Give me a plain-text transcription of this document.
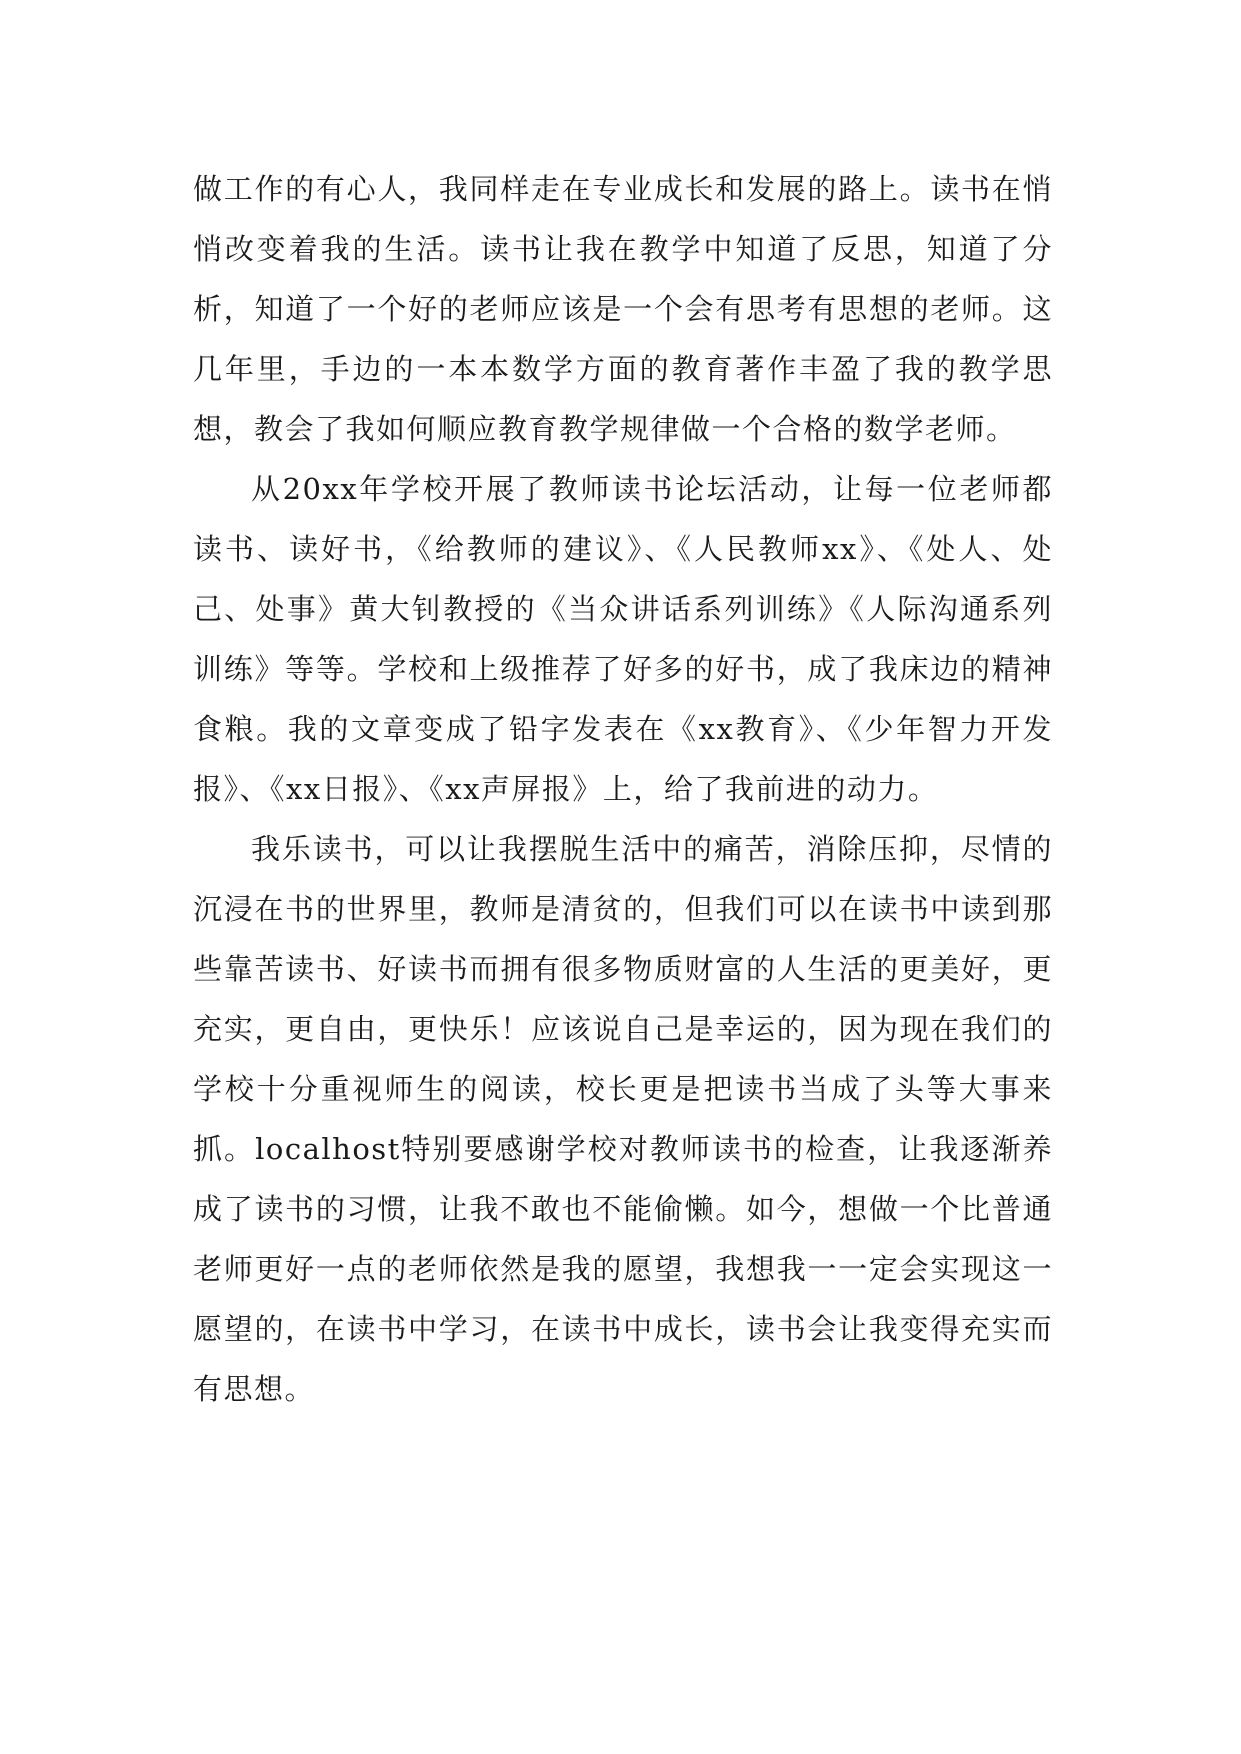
做工作的有心人，我同样走在专业成长和发展的路上。读书在悄悄改变着我的生活。读书让我在教学中知道了反思，知道了分析，知道了一个好的老师应该是一个会有思考有思想的老师。这几年里，手边的一本本数学方面的教育著作丰盈了我的教学思想，教会了我如何顺应教育教学规律做一个合格的数学老师。

从20xx年学校开展了教师读书论坛活动，让每一位老师都读书、读好书，《给教师的建议》、《人民教师xx》、《处人、处己、处事》黄大钊教授的《当众讲话系列训练》《人际沟通系列训练》等等。学校和上级推荐了好多的好书，成了我床边的精神食粮。我的文章变成了铅字发表在《xx教育》、《少年智力开发报》、《xx日报》、《xx声屏报》上，给了我前进的动力。

我乐读书，可以让我摆脱生活中的痛苦，消除压抑，尽情的沉浸在书的世界里，教师是清贫的，但我们可以在读书中读到那些靠苦读书、好读书而拥有很多物质财富的人生活的更美好，更充实，更自由，更快乐！应该说自己是幸运的，因为现在我们的学校十分重视师生的阅读，校长更是把读书当成了头等大事来抓。localhost特别要感谢学校对教师读书的检查，让我逐渐养成了读书的习惯，让我不敢也不能偷懒。如今，想做一个比普通老师更好一点的老师依然是我的愿望，我想我一一定会实现这一愿望的，在读书中学习，在读书中成长，读书会让我变得充实而有思想。
